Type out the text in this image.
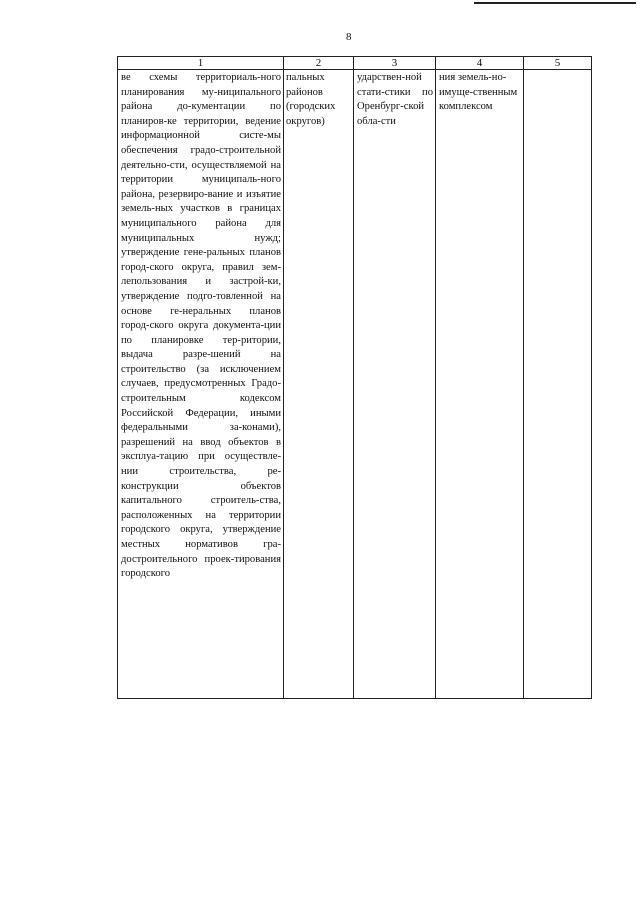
8
1	2	3	4	5

ве схемы территориаль-ного планирования му-ниципального района до-кументации по планиров-ке территории, ведение информационной систе-мы обеспечения градо-строительной деятельно-сти, осуществляемой на территории муниципаль-ного района, резервиро-вание и изъятие земель-ных участков в границах муниципального района для муниципальных нужд; утверждение гене-ральных планов город-ского округа, правил зем-лепользования и застрой-ки, утверждение подго-товленной на основе ге-неральных планов город-ского округа документа-ции по планировке тер-ритории, выдача разре-шений на строительство (за исключением случаев, предусмотренных Градо-строительным кодексом Российской Федерации, иными федеральными за-конами), разрешений на ввод объектов в эксплуа-тацию при осуществле-нии строительства, ре-конструкции объектов капитального строитель-ства, расположенных на территории городского округа, утверждение местных нормативов гра-достроительного проек-тирования городского	пальных районов (городских округов)	ударствен-ной стати-стики по Оренбург-ской обла-сти	ния земель-но-имуще-ственным комплексом	
